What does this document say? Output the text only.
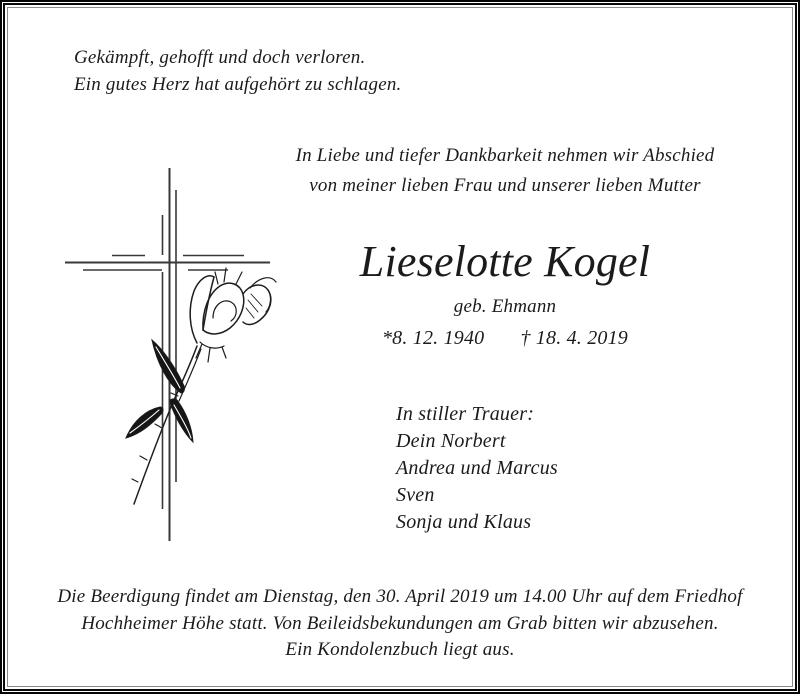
Gekämpft, gehofft und doch verloren.
Ein gutes Herz hat aufgehört zu schlagen.
In Liebe und tiefer Dankbarkeit nehmen wir Abschied
von meiner lieben Frau und unserer lieben Mutter
Lieselotte Kogel
geb. Ehmann
*8. 12. 1940 † 18. 4. 2019
In stiller Trauer:
Dein Norbert
Andrea und Marcus
Sven
Sonja und Klaus
Die Beerdigung findet am Dienstag, den 30. April 2019 um 14.00 Uhr auf dem Friedhof
Hochheimer Höhe statt. Von Beileidsbekundungen am Grab bitten wir abzusehen.
Ein Kondolenzbuch liegt aus.
